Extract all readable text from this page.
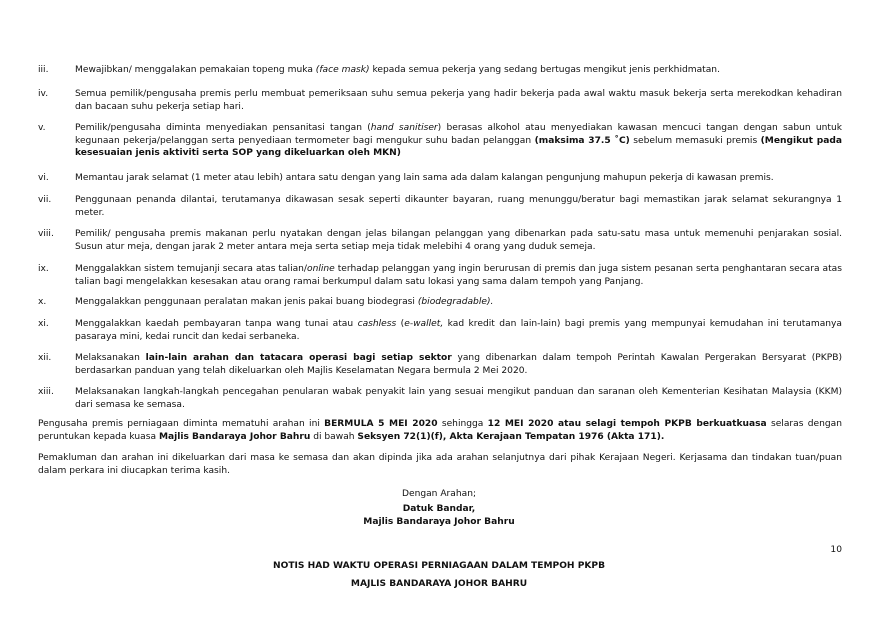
iii.	Mewajibkan/ menggalakan pemakaian topeng muka (face mask) kepada semua pekerja yang sedang bertugas mengikut jenis perkhidmatan.
iv.	Semua pemilik/pengusaha premis perlu membuat pemeriksaan suhu semua pekerja yang hadir bekerja pada awal waktu masuk bekerja serta merekodkan kehadiran dan bacaan suhu pekerja setiap hari.
v.	Pemilik/pengusaha diminta menyediakan pensanitasi tangan (hand sanitiser) berasas alkohol atau menyediakan kawasan mencuci tangan dengan sabun untuk kegunaan pekerja/pelanggan serta penyediaan termometer bagi mengukur suhu badan pelanggan (maksima 37.5 ˚C) sebelum memasuki premis (Mengikut pada kesesuaian jenis aktiviti serta SOP yang dikeluarkan oleh MKN)
vi.	Memantau jarak selamat (1 meter atau lebih) antara satu dengan yang lain sama ada dalam kalangan pengunjung mahupun pekerja di kawasan premis.
vii.	Penggunaan penanda dilantai, terutamanya dikawasan sesak seperti dikaunter bayaran, ruang menunggu/beratur bagi memastikan jarak selamat sekurangnya 1 meter.
viii.	Pemilik/ pengusaha premis makanan perlu nyatakan dengan jelas bilangan pelanggan yang dibenarkan pada satu-satu masa untuk memenuhi penjarakan sosial. Susun atur meja, dengan jarak 2 meter antara meja serta setiap meja tidak melebihi 4 orang yang duduk semeja.
ix.	Menggalakkan sistem temujanji secara atas talian/online terhadap pelanggan yang ingin berurusan di premis dan juga sistem pesanan serta penghantaran secara atas talian bagi mengelakkan kesesakan atau orang ramai berkumpul dalam satu lokasi yang sama dalam tempoh yang Panjang.
x.	Menggalakkan penggunaan peralatan makan jenis pakai buang biodegrasi (biodegradable).
xi.	Menggalakkan kaedah pembayaran tanpa wang tunai atau cashless (e-wallet, kad kredit dan lain-lain) bagi premis yang mempunyai kemudahan ini terutamanya pasaraya mini, kedai runcit dan kedai serbaneka.
xii.	Melaksanakan lain-lain arahan dan tatacara operasi bagi setiap sektor yang dibenarkan dalam tempoh Perintah Kawalan Pergerakan Bersyarat (PKPB) berdasarkan panduan yang telah dikeluarkan oleh Majlis Keselamatan Negara bermula 2 Mei 2020.
xiii.	Melaksanakan langkah-langkah pencegahan penularan wabak penyakit lain yang sesuai mengikut panduan dan saranan oleh Kementerian Kesihatan Malaysia (KKM) dari semasa ke semasa.
Pengusaha premis perniagaan diminta mematuhi arahan ini BERMULA 5 MEI 2020 sehingga 12 MEI 2020 atau selagi tempoh PKPB berkuatkuasa selaras dengan peruntukan kepada kuasa Majlis Bandaraya Johor Bahru di bawah Seksyen 72(1)(f), Akta Kerajaan Tempatan 1976 (Akta 171).
Pemakluman dan arahan ini dikeluarkan dari masa ke semasa dan akan dipinda jika ada arahan selanjutnya dari pihak Kerajaan Negeri. Kerjasama dan tindakan tuan/puan dalam perkara ini diucapkan terima kasih.
Dengan Arahan;
Datuk Bandar,
Majlis Bandaraya Johor Bahru
10
NOTIS HAD WAKTU OPERASI PERNIAGAAN DALAM TEMPOH PKPB
MAJLIS BANDARAYA JOHOR BAHRU
